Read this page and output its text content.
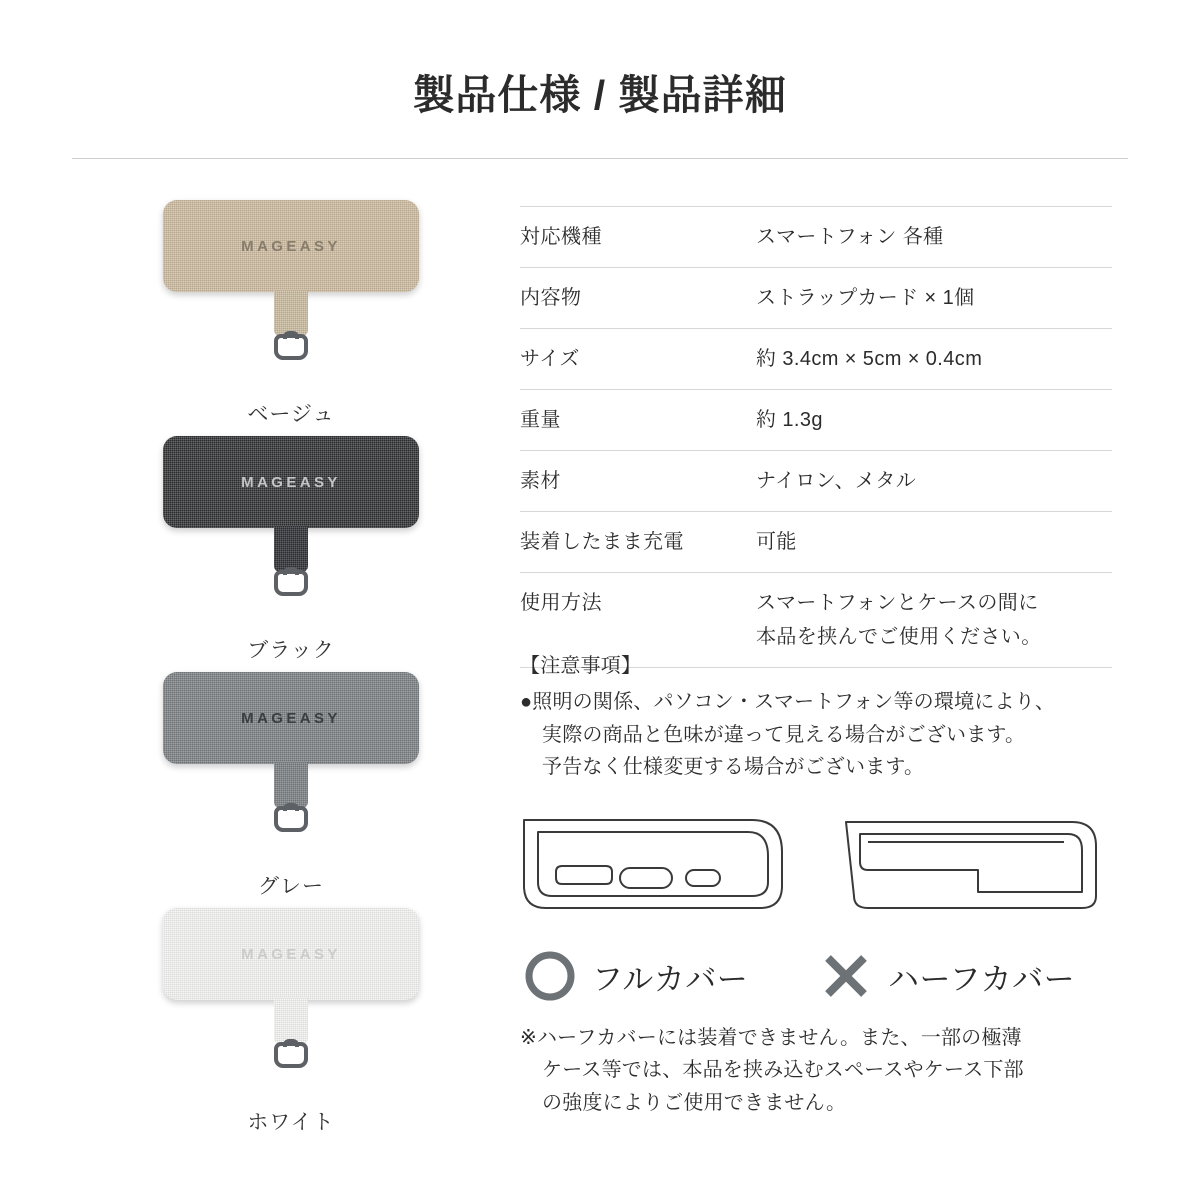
製品仕様 / 製品詳細
MAGEASY
ベージュ
MAGEASY
ブラック
MAGEASY
グレー
MAGEASY
ホワイト
対応機種	スマートフォン 各種

内容物	ストラップカード × 1個

サイズ	約 3.4cm × 5cm × 0.4cm

重量	約 1.3g

素材	ナイロン、メタル

装着したまま充電	可能

使用方法	スマートフォンとケースの間に
本品を挟んでご使用ください。
【注意事項】
●照明の関係、パソコン・スマートフォン等の環境により、
実際の商品と色味が違って見える場合がございます。
予告なく仕様変更する場合がございます。
フルカバー	ハーフカバー
※ハーフカバーには装着できません。また、一部の極薄
ケース等では、本品を挟み込むスペースやケース下部
の強度によりご使用できません。
